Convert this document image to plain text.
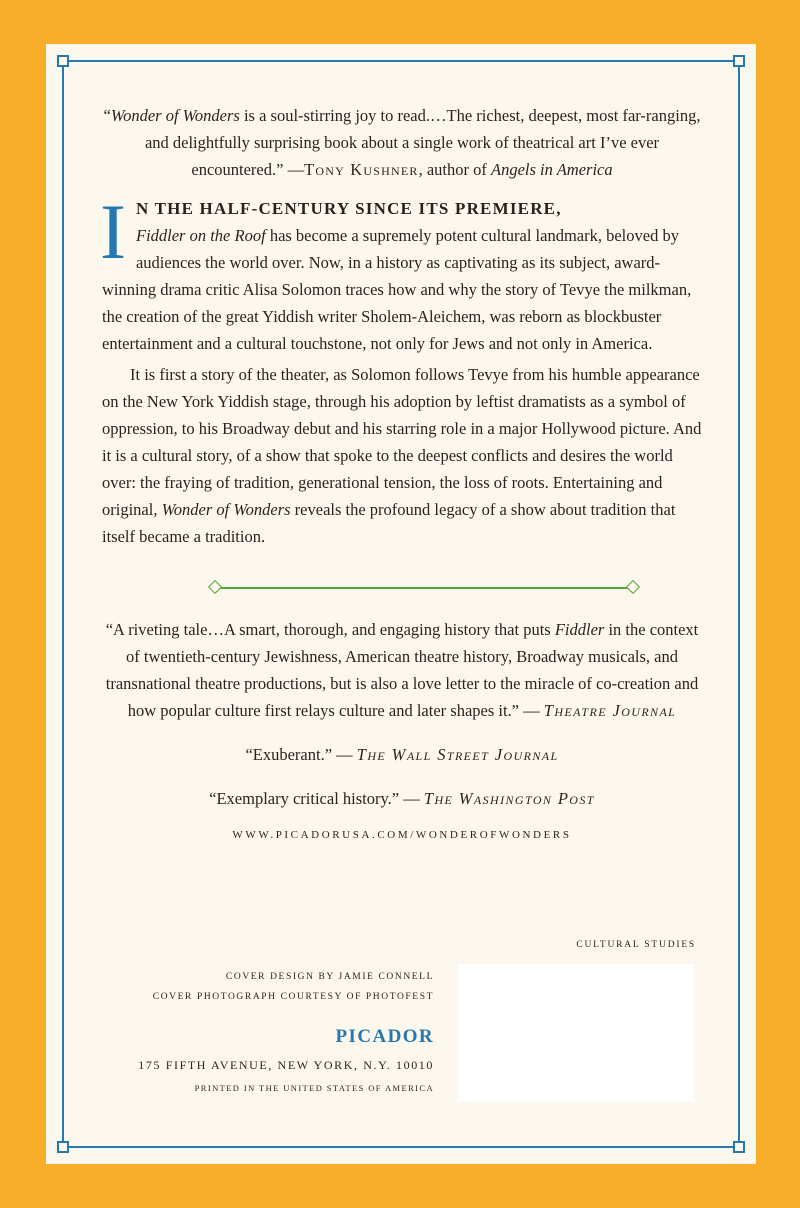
“Wonder of Wonders is a soul-stirring joy to read.…The richest, deepest, most far-ranging, and delightfully surprising book about a single work of theatrical art I’ve ever encountered.” —Tony Kushner, author of Angels in America

I N THE HALF-CENTURY SINCE ITS PREMIERE,
Fiddler on the Roof has become a supremely potent cultural landmark, beloved by audiences the world over. Now, in a history as captivating as its subject, award-winning drama critic Alisa Solomon traces how and why the story of Tevye the milkman, the creation of the great Yiddish writer Sholem-Aleichem, was reborn as blockbuster entertainment and a cultural touchstone, not only for Jews and not only in America.

It is first a story of the theater, as Solomon follows Tevye from his humble appearance on the New York Yiddish stage, through his adoption by leftist dramatists as a symbol of oppression, to his Broadway debut and his starring role in a major Hollywood picture. And it is a cultural story, of a show that spoke to the deepest conflicts and desires the world over: the fraying of tradition, generational tension, the loss of roots. Entertaining and original, Wonder of Wonders reveals the profound legacy of a show about tradition that itself became a tradition.

“A riveting tale…A smart, thorough, and engaging history that puts Fiddler in the context of twentieth-century Jewishness, American theatre history, Broadway musicals, and transnational theatre productions, but is also a love letter to the miracle of co-creation and how popular culture first relays culture and later shapes it.” — Theatre Journal

“Exuberant.” — The Wall Street Journal

“Exemplary critical history.” — The Washington Post

WWW.PICADORUSA.COM/WONDEROFWONDERS
CULTURAL STUDIES
COVER DESIGN BY JAMIE CONNELL
COVER PHOTOGRAPH COURTESY OF PHOTOFEST
PICADOR
175 FIFTH AVENUE, NEW YORK, N.Y. 10010
PRINTED IN THE UNITED STATES OF AMERICA
